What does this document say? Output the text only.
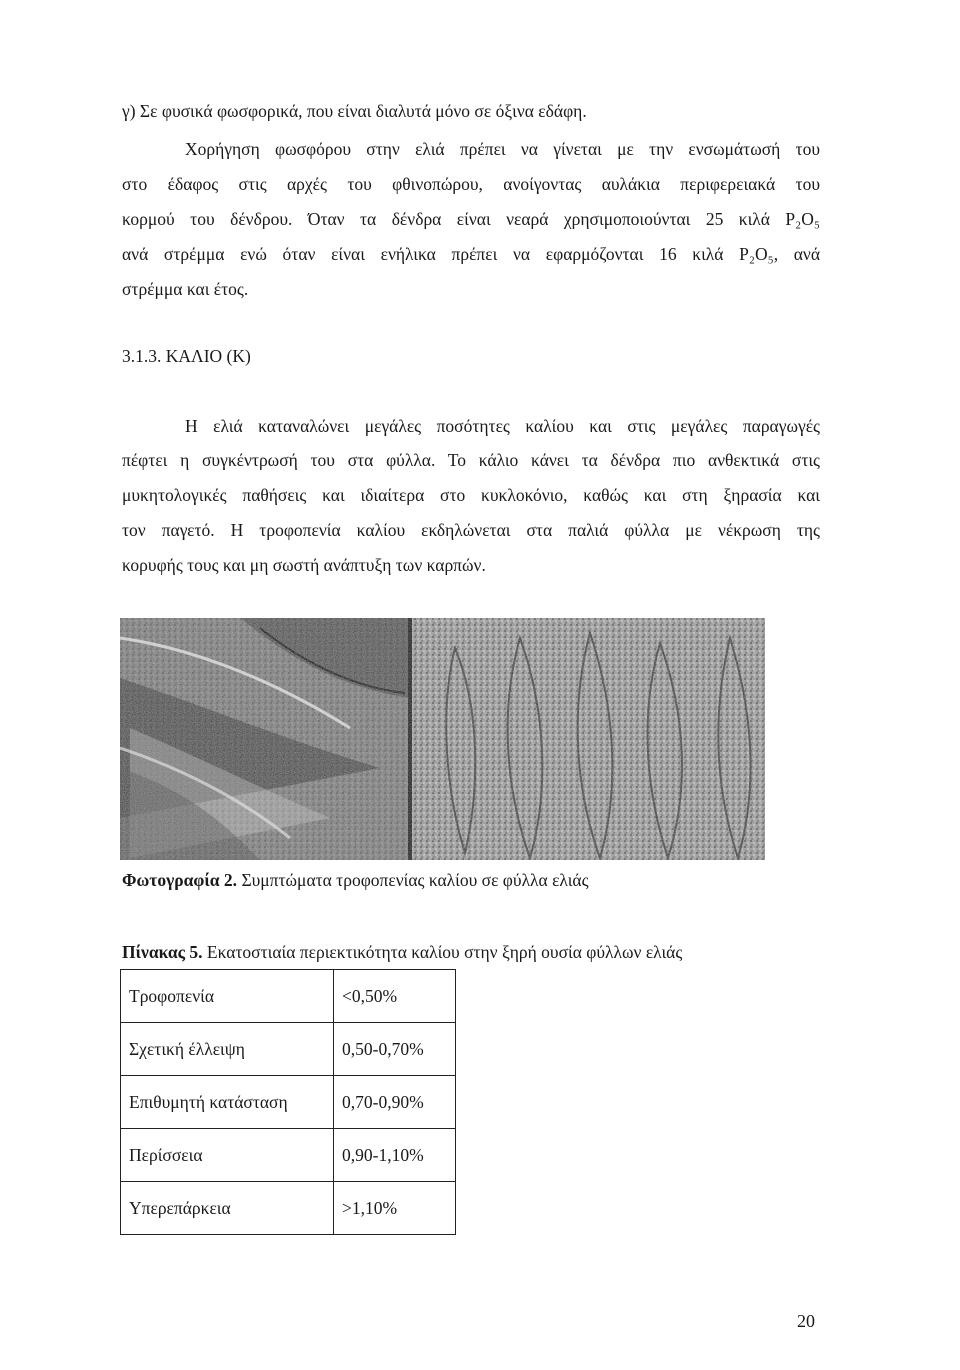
γ) Σε φυσικά φωσφορικά, που είναι διαλυτά μόνο σε όξινα εδάφη.
Χορήγηση φωσφόρου στην ελιά πρέπει να γίνεται με την ενσωμάτωσή του
στο έδαφος στις αρχές του φθινοπώρου, ανοίγοντας αυλάκια περιφερειακά του
κορμού του δένδρου. Όταν τα δένδρα είναι νεαρά χρησιμοποιούνται 25 κιλά P₂O₅
ανά στρέμμα ενώ όταν είναι ενήλικα πρέπει να εφαρμόζονται 16 κιλά P₂O₅, ανά
στρέμμα και έτος.
3.1.3. ΚΑΛΙΟ (Κ)
Η ελιά καταναλώνει μεγάλες ποσότητες καλίου και στις μεγάλες παραγωγές
πέφτει η συγκέντρωσή του στα φύλλα. Το κάλιο κάνει τα δένδρα πιο ανθεκτικά στις
μυκητολογικές παθήσεις και ιδιαίτερα στο κυκλοκόνιο, καθώς και στη ξηρασία και
τον παγετό. Η τροφοπενία καλίου εκδηλώνεται στα παλιά φύλλα με νέκρωση της
κορυφής τους και μη σωστή ανάπτυξη των καρπών.
Φωτογραφία 2. Συμπτώματα τροφοπενίας καλίου σε φύλλα ελιάς
Πίνακας 5. Εκατοστιαία περιεκτικότητα καλίου στην ξηρή ουσία φύλλων ελιάς
Τροφοπενία	<0,50%
Σχετική έλλειψη	0,50-0,70%
Επιθυμητή κατάσταση	0,70-0,90%
Περίσσεια	0,90-1,10%
Υπερεπάρκεια	>1,10%
20
